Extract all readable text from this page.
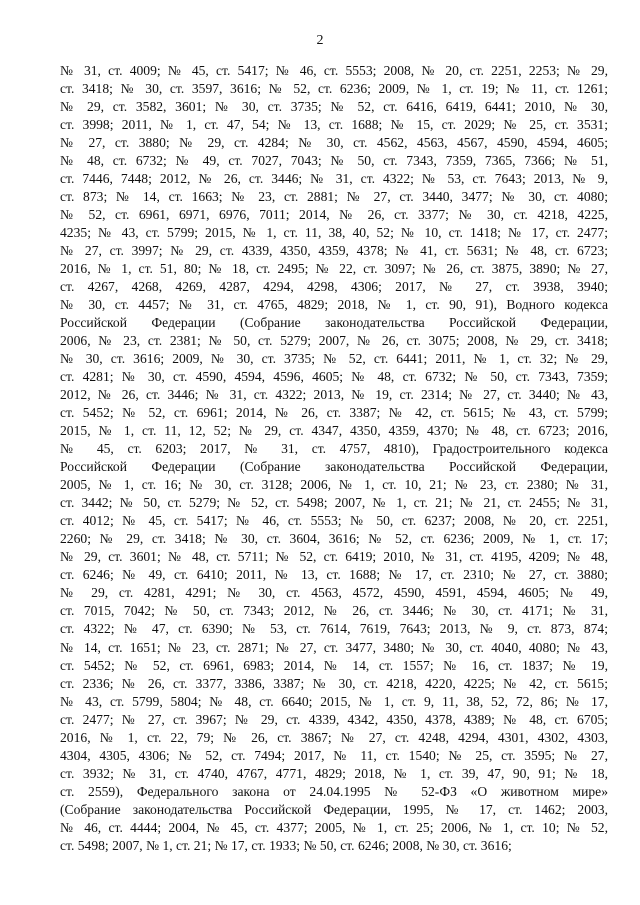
2
№ 31, ст. 4009; № 45, ст. 5417; № 46, ст. 5553; 2008, № 20, ст. 2251, 2253; № 29,
ст. 3418; № 30, ст. 3597, 3616; № 52, ст. 6236; 2009, № 1, ст. 19; № 11, ст. 1261;
№ 29, ст. 3582, 3601; № 30, ст. 3735; № 52, ст. 6416, 6419, 6441; 2010, № 30,
ст. 3998; 2011, № 1, ст. 47, 54; № 13, ст. 1688; № 15, ст. 2029; № 25, ст. 3531;
№ 27, ст. 3880; № 29, ст. 4284; № 30, ст. 4562, 4563, 4567, 4590, 4594, 4605;
№ 48, ст. 6732; № 49, ст. 7027, 7043; № 50, ст. 7343, 7359, 7365, 7366; № 51,
ст. 7446, 7448; 2012, № 26, ст. 3446; № 31, ст. 4322; № 53, ст. 7643; 2013, № 9,
ст. 873; № 14, ст. 1663; № 23, ст. 2881; № 27, ст. 3440, 3477; № 30, ст. 4080;
№ 52, ст. 6961, 6971, 6976, 7011; 2014, № 26, ст. 3377; № 30, ст. 4218, 4225,
4235; № 43, ст. 5799; 2015, № 1, ст. 11, 38, 40, 52; № 10, ст. 1418; № 17, ст. 2477;
№ 27, ст. 3997; № 29, ст. 4339, 4350, 4359, 4378; № 41, ст. 5631; № 48, ст. 6723;
2016, № 1, ст. 51, 80; № 18, ст. 2495; № 22, ст. 3097; № 26, ст. 3875, 3890; № 27,
ст. 4267, 4268, 4269, 4287, 4294, 4298, 4306; 2017, № 27, ст. 3938, 3940;
№ 30, ст. 4457; № 31, ст. 4765, 4829; 2018, № 1, ст. 90, 91), Водного кодекса
Российской Федерации (Собрание законодательства Российской Федерации,
2006, № 23, ст. 2381; № 50, ст. 5279; 2007, № 26, ст. 3075; 2008, № 29, ст. 3418;
№ 30, ст. 3616; 2009, № 30, ст. 3735; № 52, ст. 6441; 2011, № 1, ст. 32; № 29,
ст. 4281; № 30, ст. 4590, 4594, 4596, 4605; № 48, ст. 6732; № 50, ст. 7343, 7359;
2012, № 26, ст. 3446; № 31, ст. 4322; 2013, № 19, ст. 2314; № 27, ст. 3440; № 43,
ст. 5452; № 52, ст. 6961; 2014, № 26, ст. 3387; № 42, ст. 5615; № 43, ст. 5799;
2015, № 1, ст. 11, 12, 52; № 29, ст. 4347, 4350, 4359, 4370; № 48, ст. 6723; 2016,
№ 45, ст. 6203; 2017, № 31, ст. 4757, 4810), Градостроительного кодекса
Российской Федерации (Собрание законодательства Российской Федерации,
2005, № 1, ст. 16; № 30, ст. 3128; 2006, № 1, ст. 10, 21; № 23, ст. 2380; № 31,
ст. 3442; № 50, ст. 5279; № 52, ст. 5498; 2007, № 1, ст. 21; № 21, ст. 2455; № 31,
ст. 4012; № 45, ст. 5417; № 46, ст. 5553; № 50, ст. 6237; 2008, № 20, ст. 2251,
2260; № 29, ст. 3418; № 30, ст. 3604, 3616; № 52, ст. 6236; 2009, № 1, ст. 17;
№ 29, ст. 3601; № 48, ст. 5711; № 52, ст. 6419; 2010, № 31, ст. 4195, 4209; № 48,
ст. 6246; № 49, ст. 6410; 2011, № 13, ст. 1688; № 17, ст. 2310; № 27, ст. 3880;
№ 29, ст. 4281, 4291; № 30, ст. 4563, 4572, 4590, 4591, 4594, 4605; № 49,
ст. 7015, 7042; № 50, ст. 7343; 2012, № 26, ст. 3446; № 30, ст. 4171; № 31,
ст. 4322; № 47, ст. 6390; № 53, ст. 7614, 7619, 7643; 2013, № 9, ст. 873, 874;
№ 14, ст. 1651; № 23, ст. 2871; № 27, ст. 3477, 3480; № 30, ст. 4040, 4080; № 43,
ст. 5452; № 52, ст. 6961, 6983; 2014, № 14, ст. 1557; № 16, ст. 1837; № 19,
ст. 2336; № 26, ст. 3377, 3386, 3387; № 30, ст. 4218, 4220, 4225; № 42, ст. 5615;
№ 43, ст. 5799, 5804; № 48, ст. 6640; 2015, № 1, ст. 9, 11, 38, 52, 72, 86; № 17,
ст. 2477; № 27, ст. 3967; № 29, ст. 4339, 4342, 4350, 4378, 4389; № 48, ст. 6705;
2016, № 1, ст. 22, 79; № 26, ст. 3867; № 27, ст. 4248, 4294, 4301, 4302, 4303,
4304, 4305, 4306; № 52, ст. 7494; 2017, № 11, ст. 1540; № 25, ст. 3595; № 27,
ст. 3932; № 31, ст. 4740, 4767, 4771, 4829; 2018, № 1, ст. 39, 47, 90, 91; № 18,
ст. 2559), Федерального закона от 24.04.1995 № 52-ФЗ «О животном мире»
(Собрание законодательства Российской Федерации, 1995, № 17, ст. 1462; 2003,
№ 46, ст. 4444; 2004, № 45, ст. 4377; 2005, № 1, ст. 25; 2006, № 1, ст. 10; № 52,
ст. 5498; 2007, № 1, ст. 21; № 17, ст. 1933; № 50, ст. 6246; 2008, № 30, ст. 3616;
